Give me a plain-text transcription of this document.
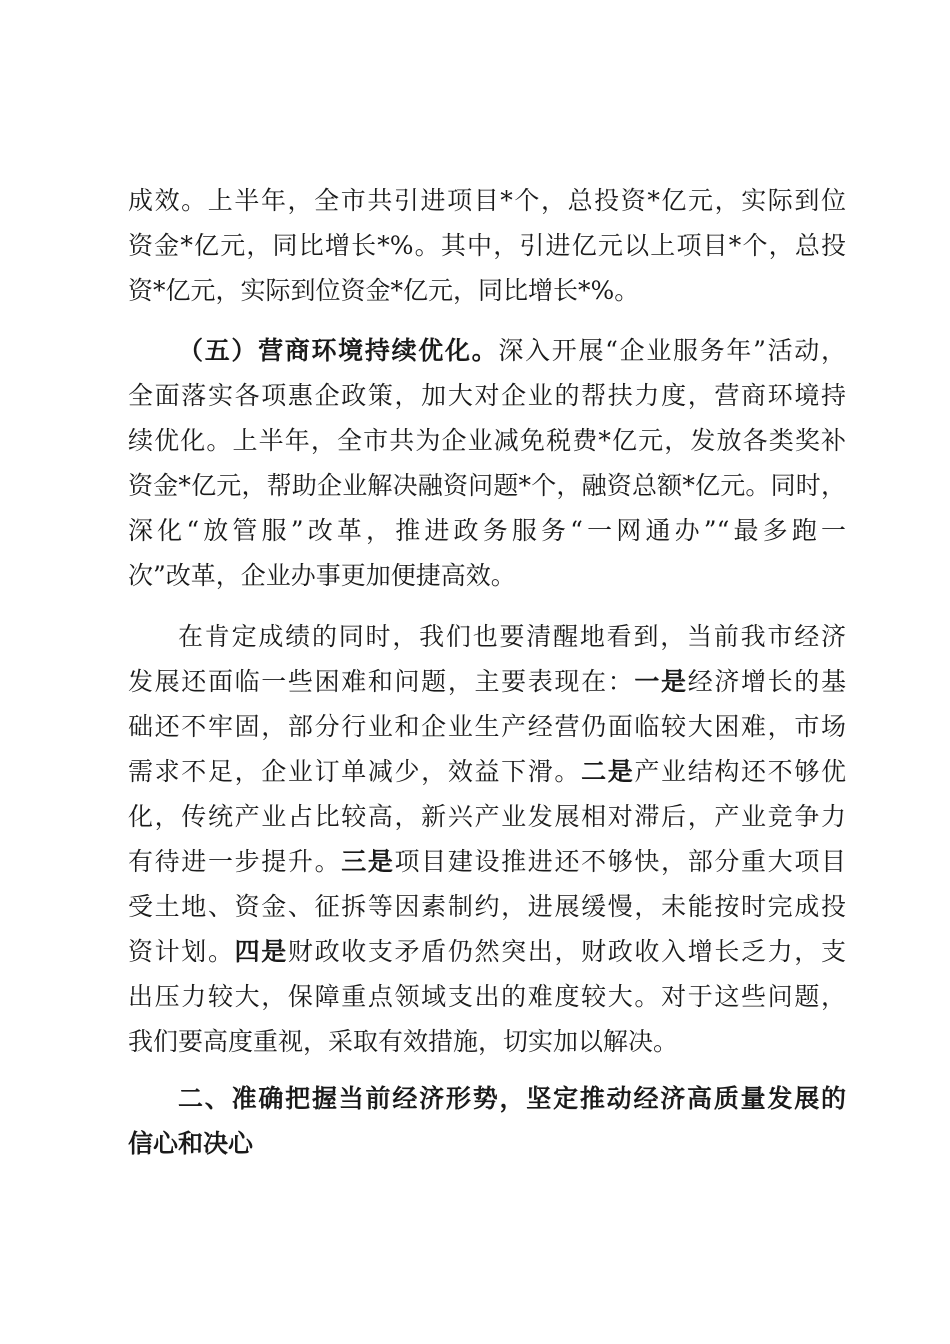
成效。上半年，全市共引进项目*个，总投资*亿元，实际到位
资金*亿元，同比增长*%。其中，引进亿元以上项目*个，总投
资*亿元，实际到位资金*亿元，同比增长*%。
（五）营商环境持续优化。深入开展“企业服务年”活动，
全面落实各项惠企政策，加大对企业的帮扶力度，营商环境持
续优化。上半年，全市共为企业减免税费*亿元，发放各类奖补
资金*亿元，帮助企业解决融资问题*个，融资总额*亿元。同时，
深化“放管服”改革，推进政务服务“一网通办”“最多跑一
次”改革，企业办事更加便捷高效。
在肯定成绩的同时，我们也要清醒地看到，当前我市经济
发展还面临一些困难和问题，主要表现在：一是经济增长的基
础还不牢固，部分行业和企业生产经营仍面临较大困难，市场
需求不足，企业订单减少，效益下滑。二是产业结构还不够优
化，传统产业占比较高，新兴产业发展相对滞后，产业竞争力
有待进一步提升。三是项目建设推进还不够快，部分重大项目
受土地、资金、征拆等因素制约，进展缓慢，未能按时完成投
资计划。四是财政收支矛盾仍然突出，财政收入增长乏力，支
出压力较大，保障重点领域支出的难度较大。对于这些问题，
我们要高度重视，采取有效措施，切实加以解决。
二、准确把握当前经济形势，坚定推动经济高质量发展的
信心和决心
